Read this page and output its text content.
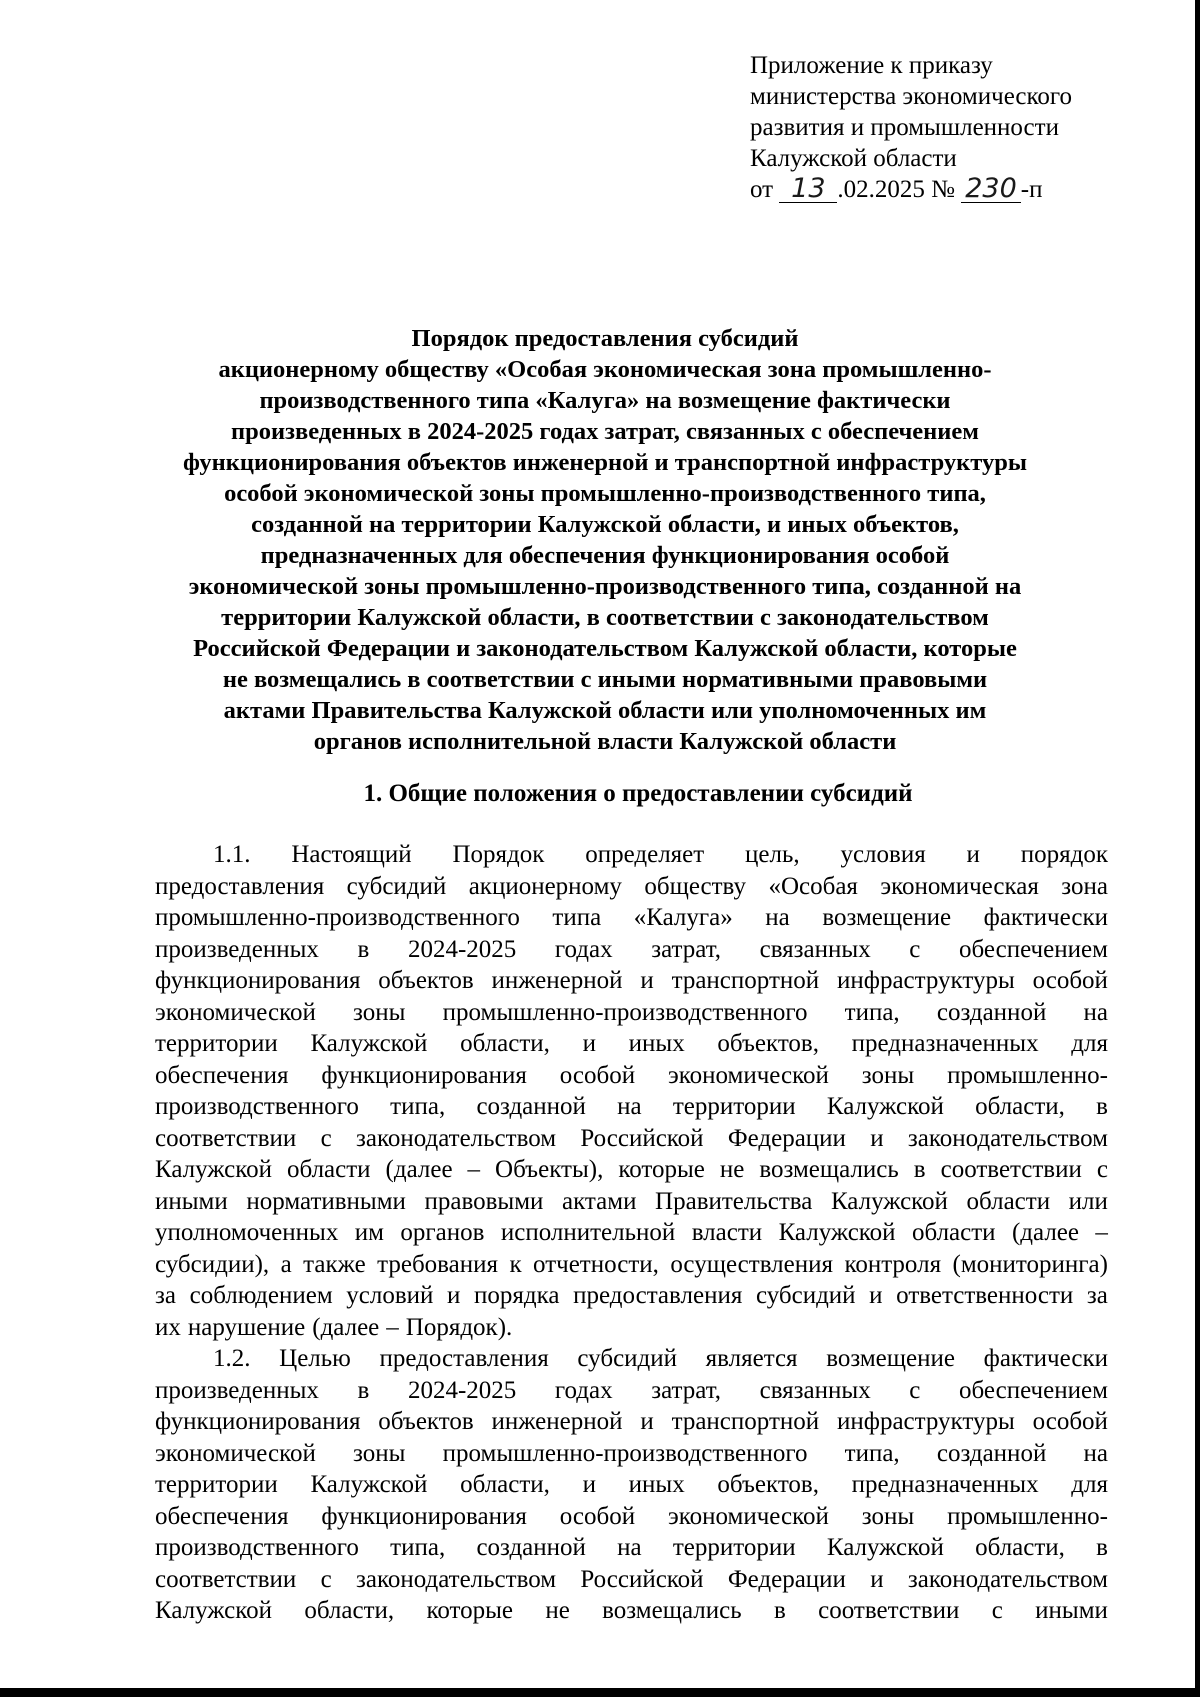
Приложение к приказу
министерства экономического
развития и промышленности
Калужской области
от 13 .02.2025 № 230 -п
Порядок предоставления субсидий
акционерному обществу «Особая экономическая зона промышленно-
производственного типа «Калуга» на возмещение фактически
произведенных в 2024-2025 годах затрат, связанных с обеспечением
функционирования объектов инженерной и транспортной инфраструктуры
особой экономической зоны промышленно-производственного типа,
созданной на территории Калужской области, и иных объектов,
предназначенных для обеспечения функционирования особой
экономической зоны промышленно-производственного типа, созданной на
территории Калужской области, в соответствии с законодательством
Российской Федерации и законодательством Калужской области, которые
не возмещались в соответствии с иными нормативными правовыми
актами Правительства Калужской области или уполномоченных им
органов исполнительной власти Калужской области
1. Общие положения о предоставлении субсидий
1.1. Настоящий Порядок определяет цель, условия и порядок
предоставления субсидий акционерному обществу «Особая экономическая зона
промышленно-производственного типа «Калуга» на возмещение фактически
произведенных в 2024-2025 годах затрат, связанных с обеспечением
функционирования объектов инженерной и транспортной инфраструктуры особой
экономической зоны промышленно-производственного типа, созданной на
территории Калужской области, и иных объектов, предназначенных для
обеспечения функционирования особой экономической зоны промышленно-
производственного типа, созданной на территории Калужской области, в
соответствии с законодательством Российской Федерации и законодательством
Калужской области (далее – Объекты), которые не возмещались в соответствии с
иными нормативными правовыми актами Правительства Калужской области или
уполномоченных им органов исполнительной власти Калужской области (далее –
субсидии), а также требования к отчетности, осуществления контроля (мониторинга)
за соблюдением условий и порядка предоставления субсидий и ответственности за
их нарушение (далее – Порядок).
1.2. Целью предоставления субсидий является возмещение фактически
произведенных в 2024-2025 годах затрат, связанных с обеспечением
функционирования объектов инженерной и транспортной инфраструктуры особой
экономической зоны промышленно-производственного типа, созданной на
территории Калужской области, и иных объектов, предназначенных для
обеспечения функционирования особой экономической зоны промышленно-
производственного типа, созданной на территории Калужской области, в
соответствии с законодательством Российской Федерации и законодательством
Калужской области, которые не возмещались в соответствии с иными
